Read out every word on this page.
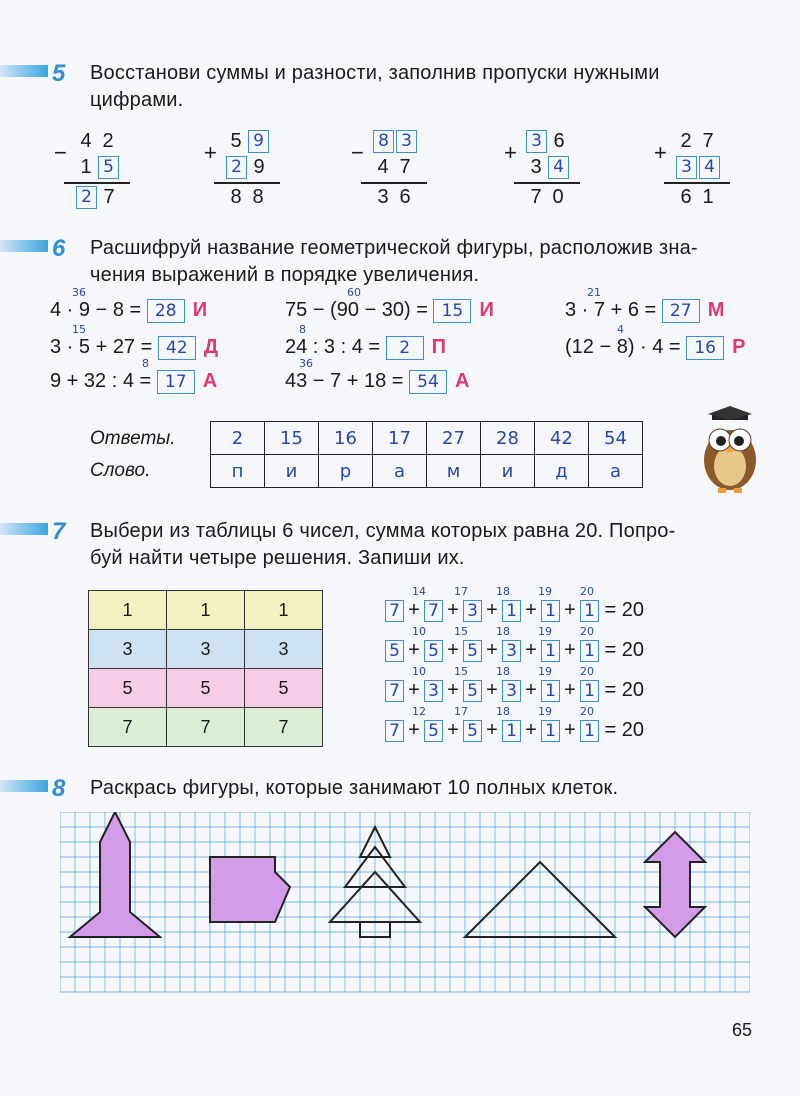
5 Восстанови суммы и разности, заполнив пропуски нужными
цифрами.
− 4 2
1 5
2 7
+ 5 9
2 9
8 8
− 8 3
4 7
3 6
+ 3 6
3 4
7 0
+ 2 7
3 4
6 1
6 Расшифруй название геометрической фигуры, расположив зна-
чения выражений в порядке увеличения.
4 · 9 − 8 = 28 И
36
75 − (90 − 30) = 15 И
60
3 · 7 + 6 = 27 М
21
3 · 5 + 27 = 42 Д
15
24 : 3 : 4 = 2 П
8
(12 − 8) · 4 = 16 Р
4
9 + 32 : 4 = 17 А
8
43 − 7 + 18 = 54 А
36
Ответы.
Слово.
2	15	16	17	27	28	42	54
п	и	р	а	м	и	д	а
7 Выбери из таблицы 6 чисел, сумма которых равна 20. Попро-
буй найти четыре решения. Запиши их.
1	1	1
3	3	3
5	5	5
7	7	7
7 + 7 + 3 + 1 + 1 + 1 = 20
14	17	18	19	20
5 + 5 + 5 + 3 + 1 + 1 = 20
10	15	18	19	20
7 + 3 + 5 + 3 + 1 + 1 = 20
10	15	18	19	20
7 + 5 + 5 + 1 + 1 + 1 = 20
12	17	18	19	20
8 Раскрась фигуры, которые занимают 10 полных клеток.
65
